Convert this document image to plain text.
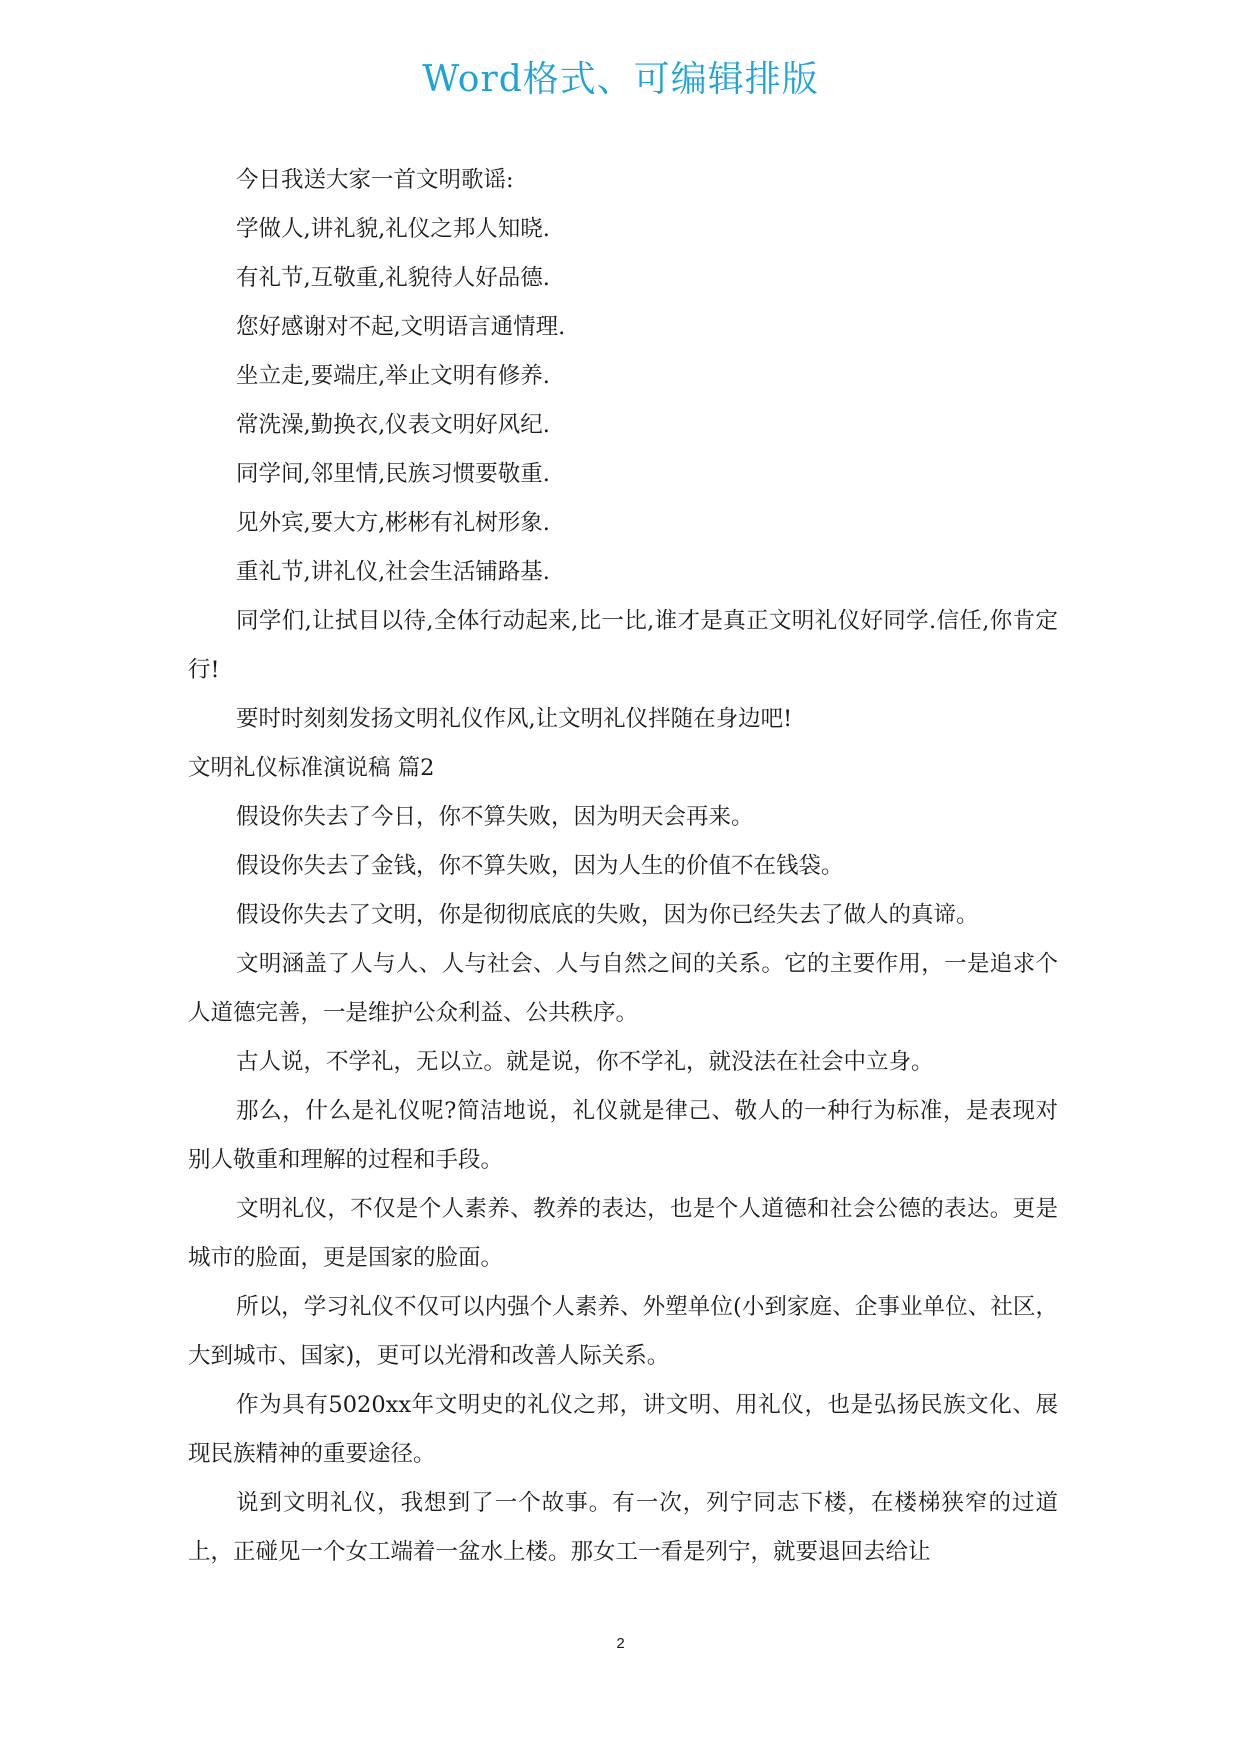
Word格式、可编辑排版

今日我送大家一首文明歌谣:

学做人,讲礼貌,礼仪之邦人知晓.

有礼节,互敬重,礼貌待人好品德.

您好感谢对不起,文明语言通情理.

坐立走,要端庄,举止文明有修养.

常洗澡,勤换衣,仪表文明好风纪.

同学间,邻里情,民族习惯要敬重.

见外宾,要大方,彬彬有礼树形象.

重礼节,讲礼仪,社会生活铺路基.

同学们,让拭目以待,全体行动起来,比一比,谁才是真正文明礼仪好同学.信任,你肯定行!

要时时刻刻发扬文明礼仪作风,让文明礼仪拌随在身边吧!

文明礼仪标准演说稿 篇2

假设你失去了今日，你不算失败，因为明天会再来。

假设你失去了金钱，你不算失败，因为人生的价值不在钱袋。

假设你失去了文明，你是彻彻底底的失败，因为你已经失去了做人的真谛。

文明涵盖了人与人、人与社会、人与自然之间的关系。它的主要作用，一是追求个人道德完善，一是维护公众利益、公共秩序。

古人说，不学礼，无以立。就是说，你不学礼，就没法在社会中立身。

那么，什么是礼仪呢?简洁地说，礼仪就是律己、敬人的一种行为标准，是表现对别人敬重和理解的过程和手段。

文明礼仪，不仅是个人素养、教养的表达，也是个人道德和社会公德的表达。更是城市的脸面，更是国家的脸面。

所以，学习礼仪不仅可以内强个人素养、外塑单位(小到家庭、企事业单位、社区，大到城市、国家)，更可以光滑和改善人际关系。

作为具有5020xx年文明史的礼仪之邦，讲文明、用礼仪，也是弘扬民族文化、展现民族精神的重要途径。

说到文明礼仪，我想到了一个故事。有一次，列宁同志下楼，在楼梯狭窄的过道上，正碰见一个女工端着一盆水上楼。那女工一看是列宁，就要退回去给让

2
